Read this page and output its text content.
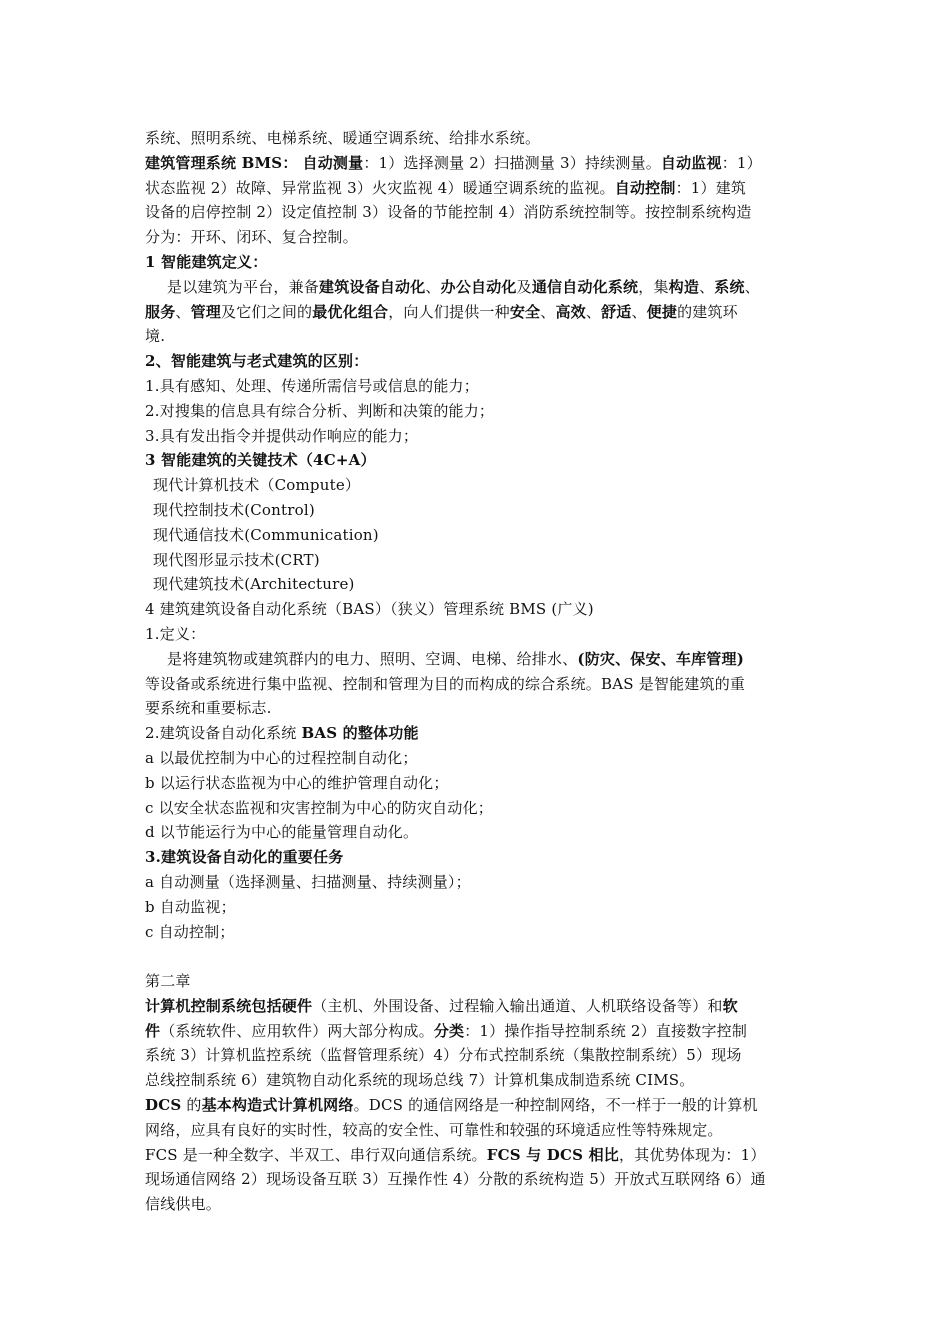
系统、照明系统、电梯系统、暖通空调系统、给排水系统。
建筑管理系统 BMS： 自动测量：1）选择测量 2）扫描测量 3）持续测量。自动监视：1）
状态监视 2）故障、异常监视 3）火灾监视 4）暖通空调系统的监视。自动控制：1）建筑
设备的启停控制 2）设定值控制 3）设备的节能控制 4）消防系统控制等。按控制系统构造
分为：开环、闭环、复合控制。
1 智能建筑定义：
是以建筑为平台，兼备建筑设备自动化、办公自动化及通信自动化系统，集构造、系统、
服务、管理及它们之间的最优化组合，向人们提供一种安全、高效、舒适、便捷的建筑环
境.
2、智能建筑与老式建筑的区别：
1.具有感知、处理、传递所需信号或信息的能力；
2.对搜集的信息具有综合分析、判断和决策的能力；
3.具有发出指令并提供动作响应的能力；
3 智能建筑的关键技术（4C+A）
现代计算机技术（Compute）
现代控制技术(Control)
现代通信技术(Communication)
现代图形显示技术(CRT)
现代建筑技术(Architecture)
4 建筑建筑设备自动化系统（BAS）（狭义）管理系统 BMS (广义)
1.定义：
是将建筑物或建筑群内的电力、照明、空调、电梯、给排水、(防灾、保安、车库管理)
等设备或系统进行集中监视、控制和管理为目的而构成的综合系统。BAS 是智能建筑的重
要系统和重要标志.
2.建筑设备自动化系统 BAS 的整体功能
a 以最优控制为中心的过程控制自动化；
b 以运行状态监视为中心的维护管理自动化；
c 以安全状态监视和灾害控制为中心的防灾自动化；
d 以节能运行为中心的能量管理自动化。
3.建筑设备自动化的重要任务
a 自动测量（选择测量、扫描测量、持续测量）；
b 自动监视；
c 自动控制；
第二章
计算机控制系统包括硬件（主机、外围设备、过程输入输出通道、人机联络设备等）和软
件（系统软件、应用软件）两大部分构成。分类：1）操作指导控制系统 2）直接数字控制
系统 3）计算机监控系统（监督管理系统）4）分布式控制系统（集散控制系统）5）现场
总线控制系统 6）建筑物自动化系统的现场总线 7）计算机集成制造系统 CIMS。
DCS 的基本构造式计算机网络。DCS 的通信网络是一种控制网络，不一样于一般的计算机
网络，应具有良好的实时性，较高的安全性、可靠性和较强的环境适应性等特殊规定。
FCS 是一种全数字、半双工、串行双向通信系统。FCS 与 DCS 相比，其优势体现为：1）
现场通信网络 2）现场设备互联 3）互操作性 4）分散的系统构造 5）开放式互联网络 6）通
信线供电。
